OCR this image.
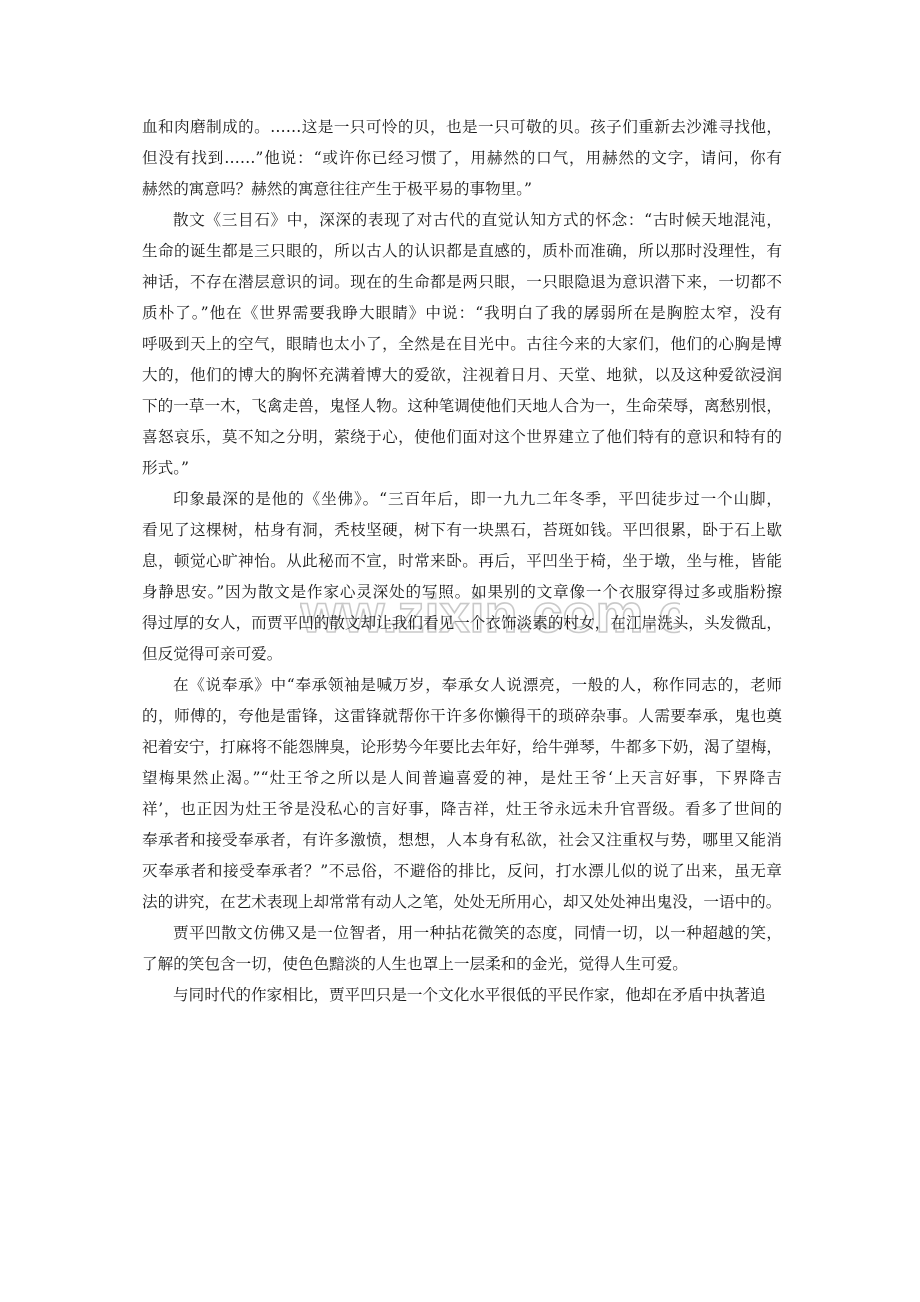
ww.zixin.com.c
血和肉磨制成的。……这是一只可怜的贝，也是一只可敬的贝。孩子们重新去沙滩寻找他，
但没有找到……”他说：“或许你已经习惯了，用赫然的口气，用赫然的文字，请问，你有
赫然的寓意吗？赫然的寓意往往产生于极平易的事物里。”
散文《三目石》中，深深的表现了对古代的直觉认知方式的怀念：“古时候天地混沌，
生命的诞生都是三只眼的，所以古人的认识都是直感的，质朴而准确，所以那时没理性，有
神话，不存在潜层意识的词。现在的生命都是两只眼，一只眼隐退为意识潜下来，一切都不
质朴了。”他在《世界需要我睁大眼睛》中说：“我明白了我的孱弱所在是胸腔太窄，没有
呼吸到天上的空气，眼睛也太小了，全然是在目光中。古往今来的大家们，他们的心胸是博
大的，他们的博大的胸怀充满着博大的爱欲，注视着日月、天堂、地狱，以及这种爱欲浸润
下的一草一木，飞禽走兽，鬼怪人物。这种笔调使他们天地人合为一，生命荣辱，离愁别恨，
喜怒哀乐，莫不知之分明，萦绕于心，使他们面对这个世界建立了他们特有的意识和特有的
形式。”
印象最深的是他的《坐佛》。“三百年后，即一九九二年冬季，平凹徒步过一个山脚，
看见了这棵树，枯身有洞，秃枝坚硬，树下有一块黑石，苔斑如钱。平凹很累，卧于石上歇
息，顿觉心旷神怡。从此秘而不宣，时常来卧。再后，平凹坐于椅，坐于墩，坐与椎，皆能
身静思安。”因为散文是作家心灵深处的写照。如果别的文章像一个衣服穿得过多或脂粉擦
得过厚的女人，而贾平凹的散文却让我们看见一个衣饰淡素的村女，在江岸洗头，头发微乱，
但反觉得可亲可爱。
在《说奉承》中“奉承领袖是喊万岁，奉承女人说漂亮，一般的人，称作同志的，老师
的，师傅的，夸他是雷锋，这雷锋就帮你干许多你懒得干的琐碎杂事。人需要奉承，鬼也奠
祀着安宁，打麻将不能怨牌臭，论形势今年要比去年好，给牛弹琴，牛都多下奶，渴了望梅，
望梅果然止渴。”“灶王爷之所以是人间普遍喜爱的神，是灶王爷‘上天言好事，下界降吉
祥’，也正因为灶王爷是没私心的言好事，降吉祥，灶王爷永远未升官晋级。看多了世间的
奉承者和接受奉承者，有许多激愤，想想，人本身有私欲，社会又注重权与势，哪里又能消
灭奉承者和接受奉承者？”不忌俗，不避俗的排比，反问，打水漂儿似的说了出来，虽无章
法的讲究，在艺术表现上却常常有动人之笔，处处无所用心，却又处处神出鬼没，一语中的。
贾平凹散文仿佛又是一位智者，用一种拈花微笑的态度，同情一切，以一种超越的笑，
了解的笑包含一切，使色色黯淡的人生也罩上一层柔和的金光，觉得人生可爱。
与同时代的作家相比，贾平凹只是一个文化水平很低的平民作家，他却在矛盾中执著追
